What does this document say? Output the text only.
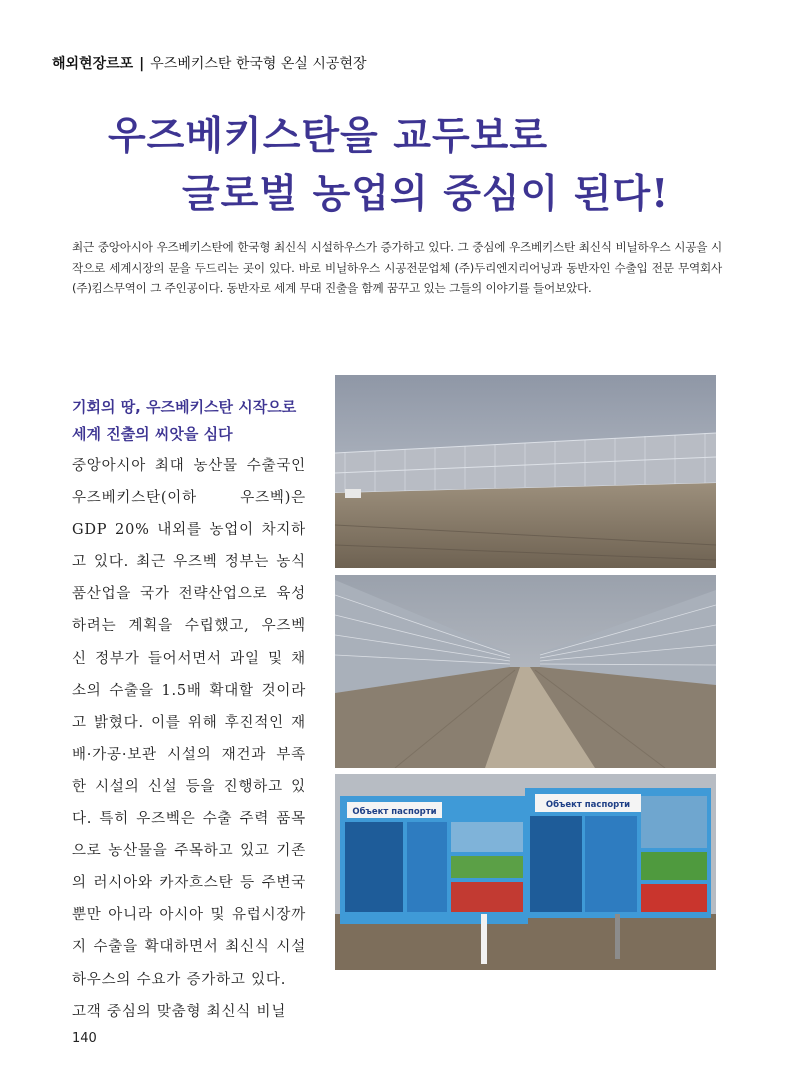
해외현장르포 | 우즈베키스탄 한국형 온실 시공현장
우즈베키스탄을 교두보로
글로벌 농업의 중심이 된다!
최근 중앙아시아 우즈베키스탄에 한국형 최신식 시설하우스가 증가하고 있다. 그 중심에 우즈베키스탄 최신식 비닐하우스 시공을 시작으로 세계시장의 문을 두드리는 곳이 있다. 바로 비닐하우스 시공전문업체 (주)두리엔지리어닝과 동반자인 수출입 전문 무역회사 (주)킴스무역이 그 주인공이다. 동반자로 세계 무대 진출을 함께 꿈꾸고 있는 그들의 이야기를 들어보았다.
기회의 땅, 우즈베키스탄 시작으로 세계 진출의 씨앗을 심다
중앙아시아 최대 농산물 수출국인 우즈베키스탄(이하 우즈벡)은 GDP 20% 내외를 농업이 차지하고 있다. 최근 우즈벡 정부는 농식품산업을 국가 전략산업으로 육성하려는 계획을 수립했고, 우즈벡 신 정부가 들어서면서 과일 및 채소의 수출을 1.5배 확대할 것이라고 밝혔다. 이를 위해 후진적인 재배·가공·보관 시설의 재건과 부족한 시설의 신설 등을 진행하고 있다. 특히 우즈벡은 수출 주력 품목으로 농산물을 주목하고 있고 기존의 러시아와 카자흐스탄 등 주변국뿐만 아니라 아시아 및 유럽시장까지 수출을 확대하면서 최신식 시설하우스의 수요가 증가하고 있다.
고객 중심의 맞춤형 최신식 비닐
Объект паспорти
Объект паспорти
140
